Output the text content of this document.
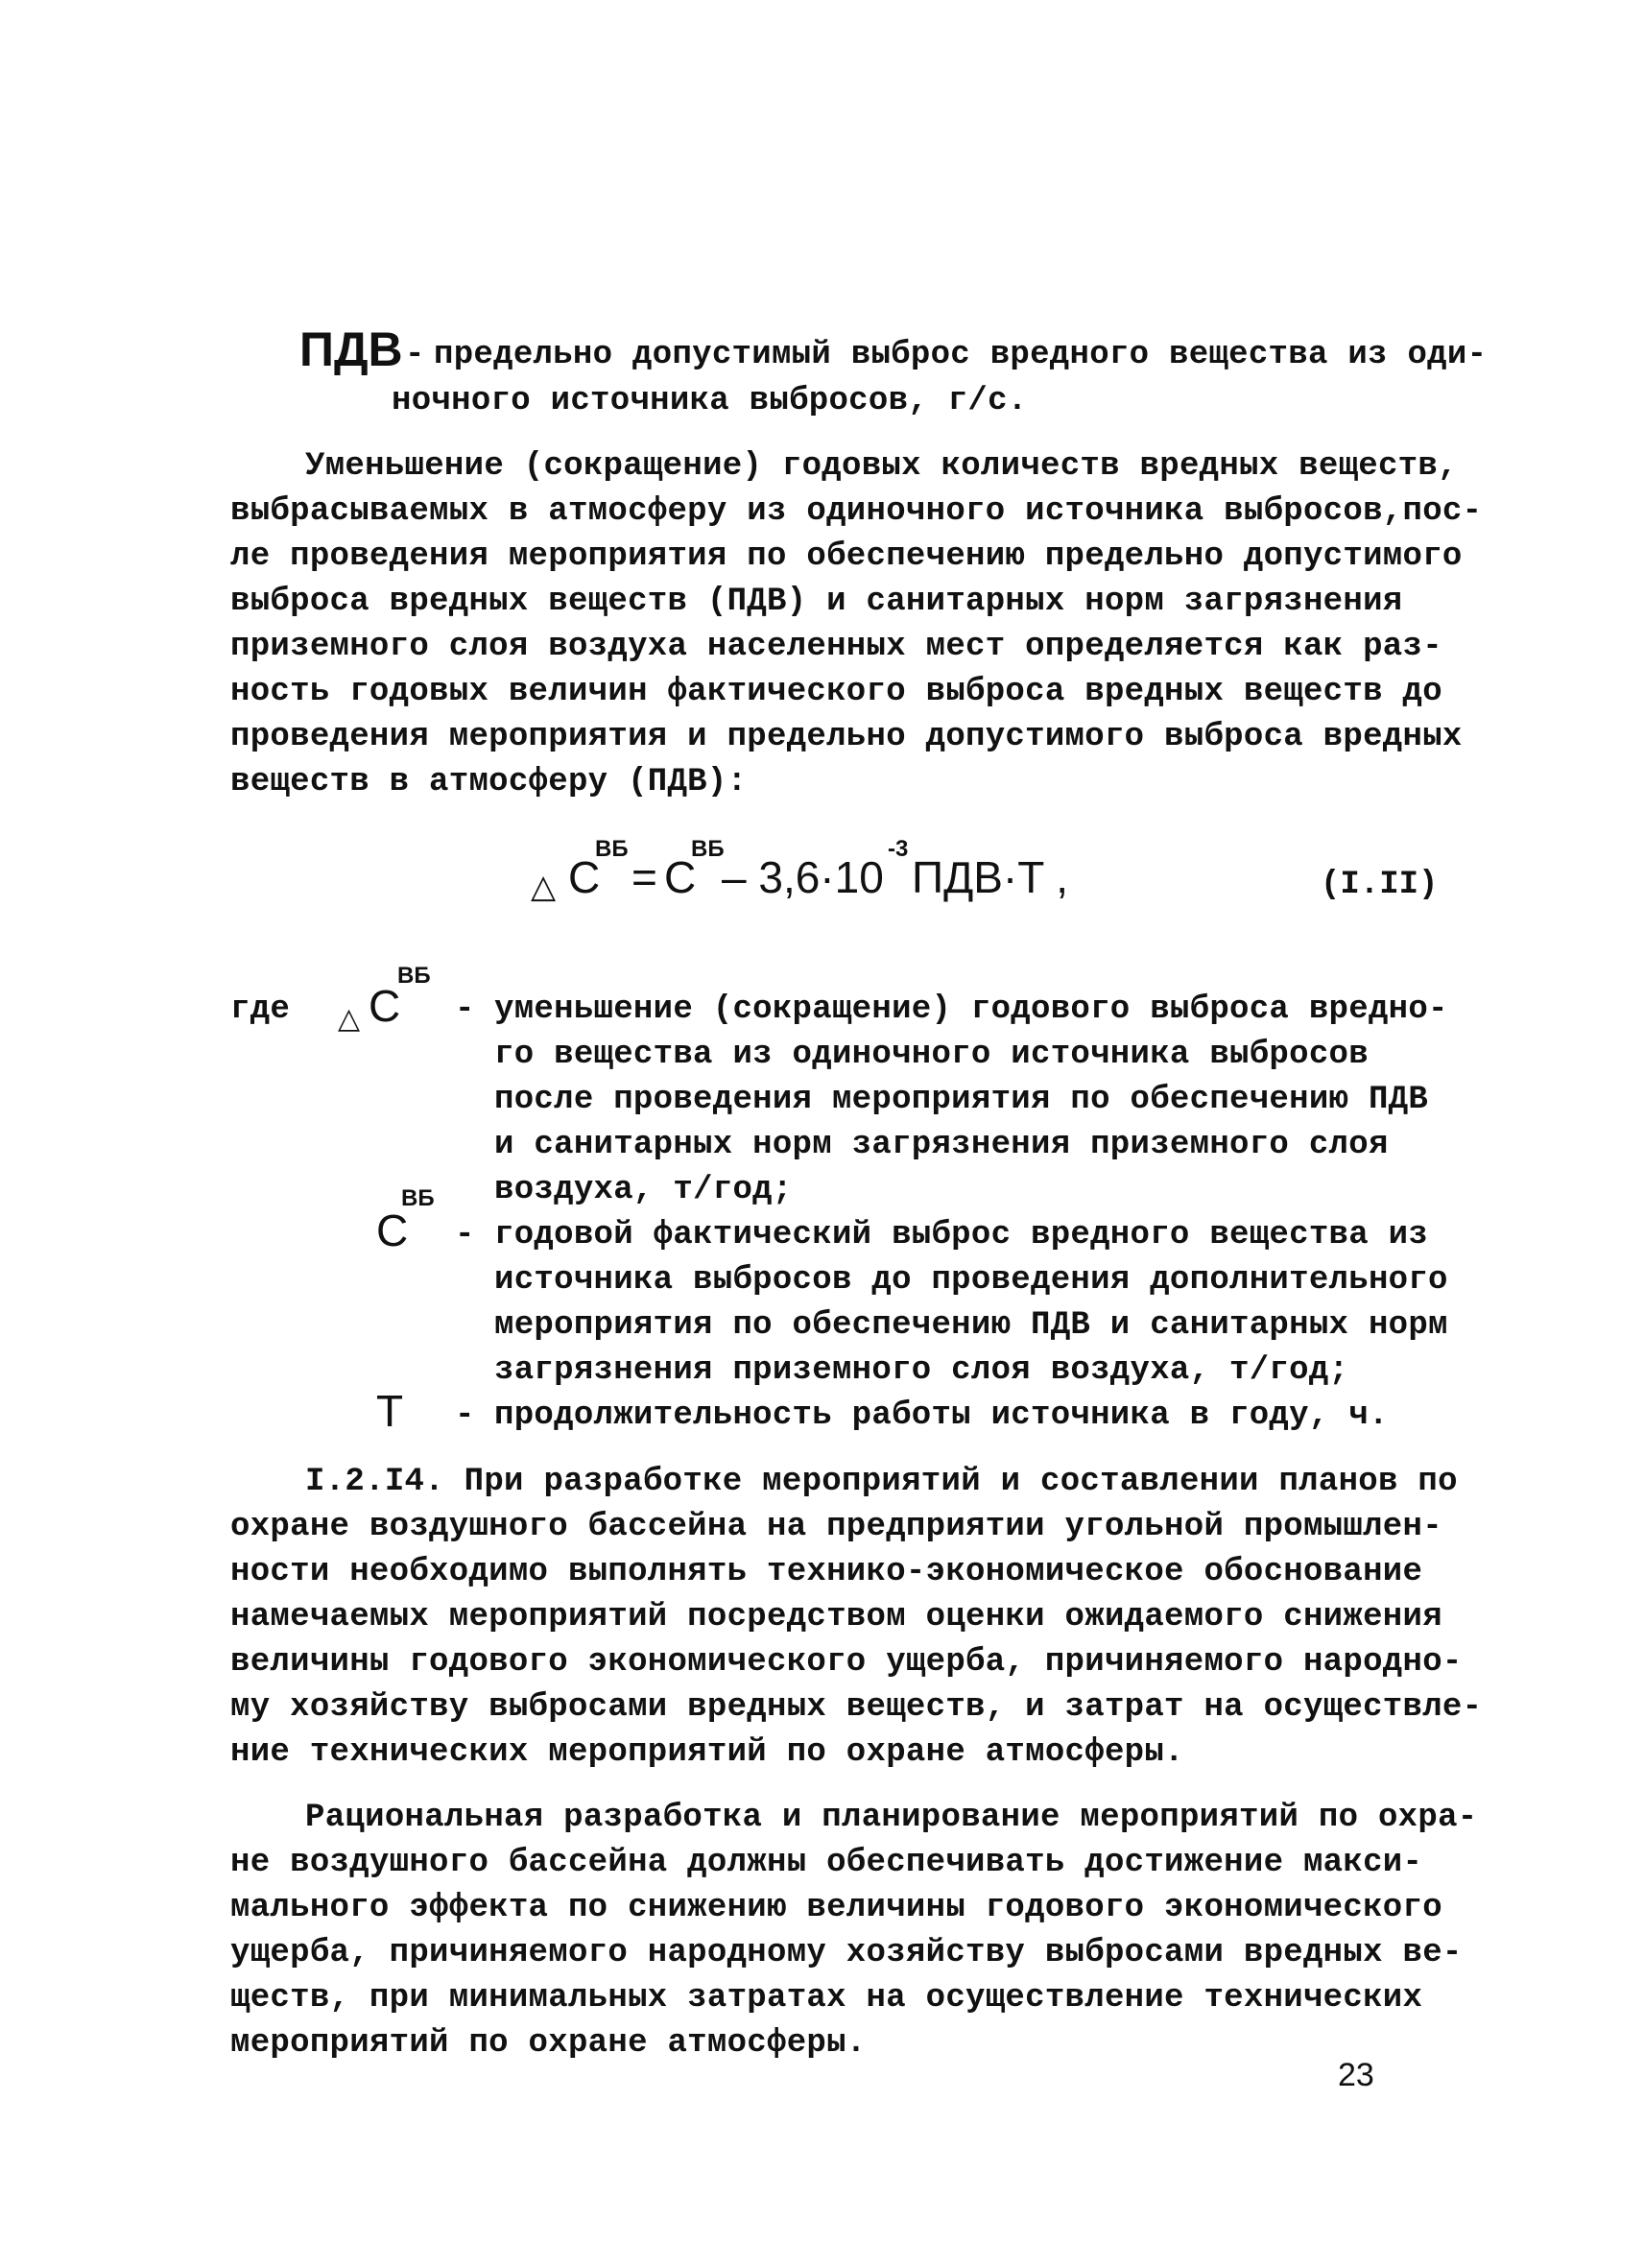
ПДВ - предельно допустимый выброс вредного вещества из оди-
ночного источника выбросов, г/с.
Уменьшение (сокращение) годовых количеств вредных веществ,
выбрасываемых в атмосферу из одиночного источника выбросов,пос-
ле проведения мероприятия по обеспечению предельно допустимого
выброса вредных веществ (ПДВ) и санитарных норм загрязнения
приземного слоя воздуха населенных мест определяется как раз-
ность годовых величин фактического выброса вредных веществ до
проведения мероприятия и предельно допустимого выброса вредных
веществ в атмосферу (ПДВ):
△ C
ВБ
= C
ВБ
– 3,6·10
-3
ПДВ·T ,	(I.II)
где △ C
ВБ
- уменьшение (сокращение) годового выброса вредно-
го вещества из одиночного источника выбросов
после проведения мероприятия по обеспечению ПДВ
и санитарных норм загрязнения приземного слоя
воздуха, т/год;
C
ВБ
- годовой фактический выброс вредного вещества из
источника выбросов до проведения дополнительного
мероприятия по обеспечению ПДВ и санитарных норм
загрязнения приземного слоя воздуха, т/год;
T - продолжительность работы источника в году, ч.
I.2.I4. При разработке мероприятий и составлении планов по
охране воздушного бассейна на предприятии угольной промышлен-
ности необходимо выполнять технико-экономическое обоснование
намечаемых мероприятий посредством оценки ожидаемого снижения
величины годового экономического ущерба, причиняемого народно-
му хозяйству выбросами вредных веществ, и затрат на осуществле-
ние технических мероприятий по охране атмосферы.
Рациональная разработка и планирование мероприятий по охра-
не воздушного бассейна должны обеспечивать достижение макси-
мального эффекта по снижению величины годового экономического
ущерба, причиняемого народному хозяйству выбросами вредных ве-
ществ, при минимальных затратах на осуществление технических
мероприятий по охране атмосферы.
23
